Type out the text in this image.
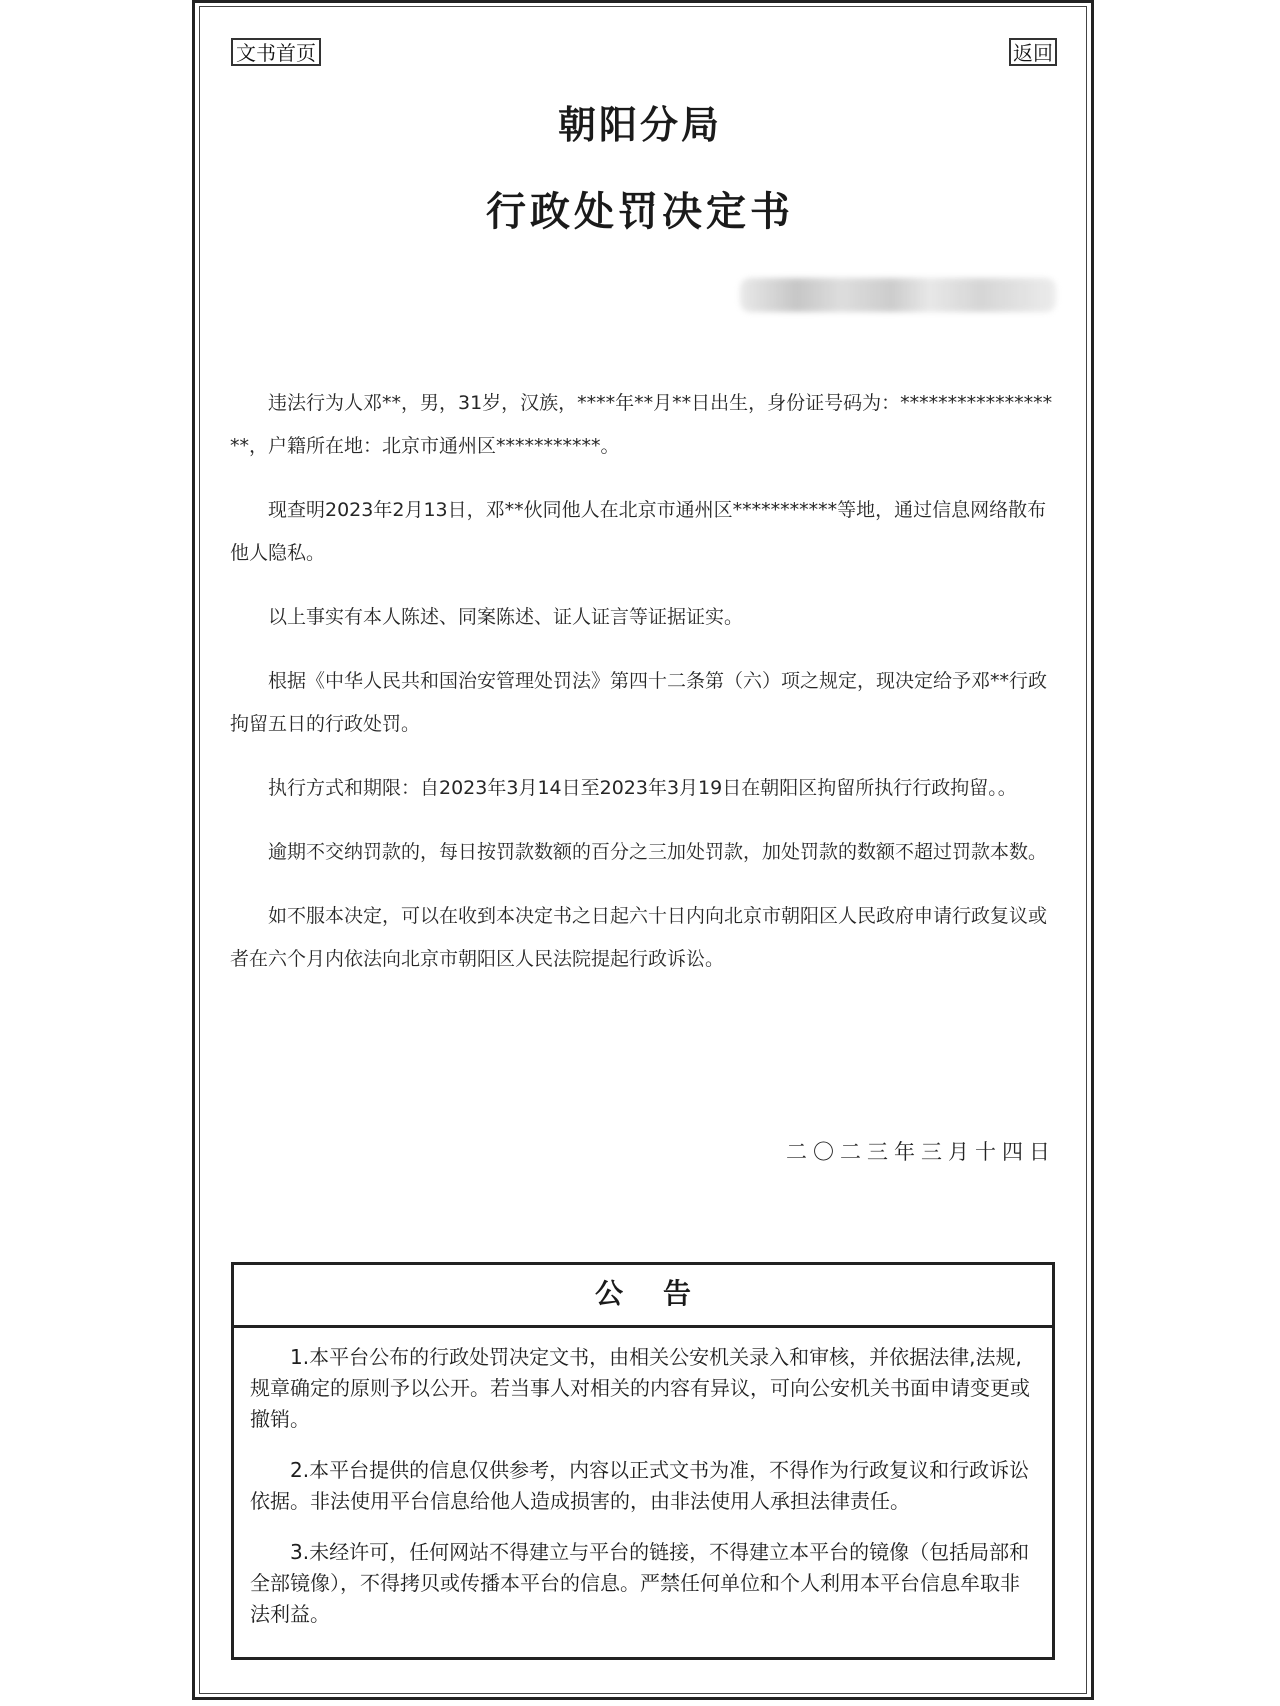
文书首页	返回
朝阳分局
行政处罚决定书

违法行为人邓**，男，31岁，汉族，****年**月**日出生，身份证号码为：******************，户籍所在地：北京市通州区***********。

现查明2023年2月13日，邓**伙同他人在北京市通州区***********等地，通过信息网络散布他人隐私。

以上事实有本人陈述、同案陈述、证人证言等证据证实。

根据《中华人民共和国治安管理处罚法》第四十二条第（六）项之规定，现决定给予邓**行政拘留五日的行政处罚。

执行方式和期限：自2023年3月14日至2023年3月19日在朝阳区拘留所执行行政拘留。。

逾期不交纳罚款的，每日按罚款数额的百分之三加处罚款，加处罚款的数额不超过罚款本数。

如不服本决定，可以在收到本决定书之日起六十日内向北京市朝阳区人民政府申请行政复议或者在六个月内依法向北京市朝阳区人民法院提起行政诉讼。

二〇二三年三月十四日
公告

1.本平台公布的行政处罚决定文书，由相关公安机关录入和审核，并依据法律,法规,规章确定的原则予以公开。若当事人对相关的内容有异议，可向公安机关书面申请变更或撤销。

2.本平台提供的信息仅供参考，内容以正式文书为准，不得作为行政复议和行政诉讼依据。非法使用平台信息给他人造成损害的，由非法使用人承担法律责任。

3.未经许可，任何网站不得建立与平台的链接，不得建立本平台的镜像（包括局部和全部镜像），不得拷贝或传播本平台的信息。严禁任何单位和个人利用本平台信息牟取非法利益。
